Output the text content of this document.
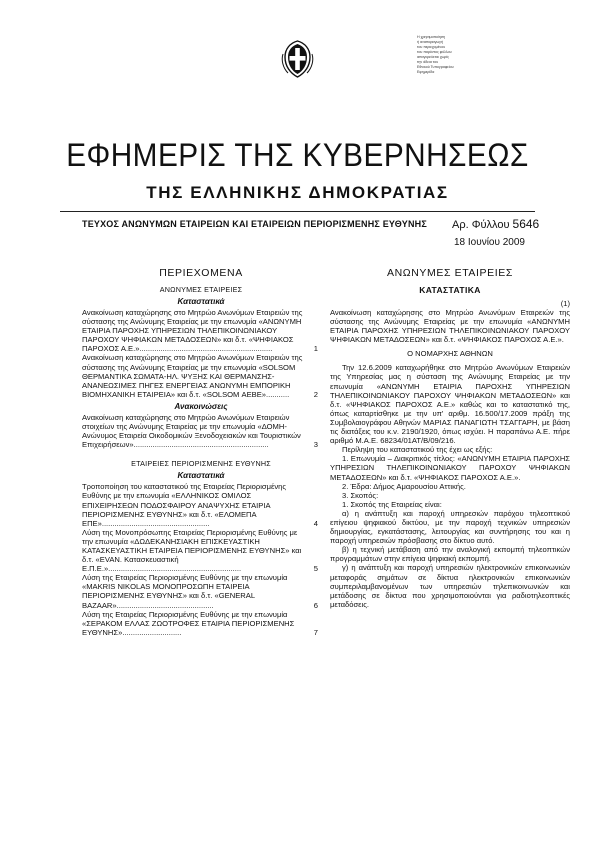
Η χρησιμοποίηση
ή αναπαραγωγή
του περιεχομένου
του παρόντος φύλλου
απαγορεύεται χωρίς
την άδεια του
Εθνικού Τυπογραφείου
Εφημερίδα
ΕΦΗΜΕΡΙΣ ΤΗΣ ΚΥΒΕΡΝΗΣΕΩΣ
ΤΗΣ ΕΛΛΗΝΙΚΗΣ ΔΗΜΟΚΡΑΤΙΑΣ
ΤΕΥΧΟΣ ΑΝΩΝΥΜΩΝ ΕΤΑΙΡΕΙΩΝ ΚΑΙ ΕΤΑΙΡΕΙΩΝ ΠΕΡΙΟΡΙΣΜΕΝΗΣ ΕΥΘΥΝΗΣ Αρ. Φύλλου 5646
18 Ιουνίου 2009
ΠΕΡΙΕΧΟΜΕΝΑ
ΑΝΩΝΥΜΕΣ ΕΤΑΙΡΕΙΕΣ
Καταστατικά
Ανακοίνωση καταχώρησης στο Μητρώο Ανωνύμων Εταιρειών της σύστασης της Ανώνυμης Εταιρείας με την επωνυμία «ΑΝΩΝΥΜΗ ΕΤΑΙΡΙΑ ΠΑΡΟΧΗΣ ΥΠΗΡΕΣΙΩΝ ΤΗΛΕΠΙΚΟΙΝΩΝΙΑΚΟΥ ΠΑΡΟΧΟΥ ΨΗΦΙΑΚΩΝ ΜΕΤΑΔΟΣΕΩΝ» και δ.τ. «ΨΗΦΙΑΚΟΣ ΠΑΡΟΧΟΣ Α.Ε.»...............................................................	1
Ανακοίνωση καταχώρησης στο Μητρώο Ανωνύμων Εταιρειών της σύστασης της Ανώνυμης Εταιρείας με την επωνυμία «SOLSOM ΘΕΡΜΑΝΤΙΚΑ ΣΩΜΑΤΑ-ΗΛ. ΨΥΞΗΣ ΚΑΙ ΘΕΡΜΑΝΣΗΣ-ΑΝΑΝΕΩΣΙΜΕΣ ΠΗΓΕΣ ΕΝΕΡΓΕΙΑΣ ΑΝΩΝΥΜΗ ΕΜΠΟΡΙΚΗ ΒΙΟΜΗΧΑΝΙΚΗ ΕΤΑΙΡΕΙΑ» και δ.τ. «SOLSOM ΑΕΒΕ»...........	2
Ανακοινώσεις
Ανακοίνωση καταχώρησης στο Μητρώο Ανωνύμων Εταιρειών στοιχείων της Ανώνυμης Εταιρείας με την επωνυμία «ΔΟΜΗ-Ανώνυμος Εταιρεία Οικοδομικών Ξενοδοχειακών και Τουριστικών Επιχειρήσεων»................................................................	3
ΕΤΑΙΡΕΙΕΣ ΠΕΡΙΟΡΙΣΜΕΝΗΣ ΕΥΘΥΝΗΣ
Καταστατικά
Τροποποίηση του καταστατικού της Εταιρείας Περιορισμένης Ευθύνης με την επωνυμία «ΕΛΛΗΝΙΚΟΣ ΟΜΙΛΟΣ ΕΠΙΧΕΙΡΗΣΕΩΝ ΠΟΔΟΣΦΑΙΡΟΥ ΑΝΑΨΥΧΗΣ ΕΤΑΙΡΙΑ ΠΕΡΙΟΡΙΣΜΕΝΗΣ ΕΥΘΥΝΗΣ» και δ.τ. «ΕΛΟΜΕΠΑ ΕΠΕ»...................................................	4
Λύση της Μονοπρόσωπης Εταιρείας Περιορισμένης Ευθύνης με την επωνυμία «ΔΩΔΕΚΑΝΗΣΙΑΚΗ ΕΠΙΣΚΕΥΑΣΤΙΚΗ ΚΑΤΑΣΚΕΥΑΣΤΙΚΗ ΕΤΑΙΡΕΙΑ ΠΕΡΙΟΡΙΣΜΕΝΗΣ ΕΥΘΥΝΗΣ» και δ.τ. «EVAN. Κατασκευαστική Ε.Π.Ε.»...............................................................	5
Λύση της Εταιρείας Περιορισμένης Ευθύνης με την επωνυμία «MAKRIS NIKOLAS ΜΟΝΟΠΡΟΣΩΠΗ ΕΤΑΙΡΕΙΑ ΠΕΡΙΟΡΙΣΜΕΝΗΣ ΕΥΘΥΝΗΣ» και δ.τ. «GENERAL BAZAAR»..............................................	6
Λύση της Εταιρείας Περιορισμένης Ευθύνης με την επωνυμία «ΣΕΡΑΚΟΜ ΕΛΛΑΣ ΖΩΟΤΡΟΦΕΣ ΕΤΑΙΡΙΑ ΠΕΡΙΟΡΙΣΜΕΝΗΣ ΕΥΘΥΝΗΣ»............................	7
ΑΝΩΝΥΜΕΣ ΕΤΑΙΡΕΙΕΣ
ΚΑΤΑΣΤΑΤΙΚΑ

(1)

Ανακοίνωση καταχώρησης στο Μητρώο Ανωνύμων Εταιρειών της σύστασης της Ανώνυμης Εταιρείας με την επωνυμία «ΑΝΩΝΥΜΗ ΕΤΑΙΡΙΑ ΠΑΡΟΧΗΣ ΥΠΗΡΕΣΙΩΝ ΤΗΛΕΠΙΚΟΙΝΩΝΙΑΚΟΥ ΠΑΡΟΧΟΥ ΨΗΦΙΑΚΩΝ ΜΕΤΑΔΟΣΕΩΝ» και δ.τ. «ΨΗΦΙΑΚΟΣ ΠΑΡΟΧΟΣ Α.Ε.».

Ο ΝΟΜΑΡΧΗΣ ΑΘΗΝΩΝ

Την 12.6.2009 καταχωρήθηκε στο Μητρώο Ανωνύμων Εταιρειών της Υπηρεσίας μας η σύσταση της Ανώνυμης Εταιρείας με την επωνυμία «ΑΝΩΝΥΜΗ ΕΤΑΙΡΙΑ ΠΑΡΟΧΗΣ ΥΠΗΡΕΣΙΩΝ ΤΗΛΕΠΙΚΟΙΝΩΝΙΑΚΟΥ ΠΑΡΟΧΟΥ ΨΗΦΙΑΚΩΝ ΜΕΤΑΔΟΣΕΩΝ» και δ.τ. «ΨΗΦΙΑΚΟΣ ΠΑΡΟΧΟΣ Α.Ε.» καθώς και το καταστατικό της, όπως καταρτίσθηκε με την υπ' αριθμ. 16.500/17.2009 πράξη της Συμβολαιογράφου Αθηνών ΜΑΡΙΑΣ ΠΑΝΑΓΙΩΤΗ ΤΣΑΓΓΑΡΗ, με βάση τις διατάξεις του κ.ν. 2190/1920, όπως ισχύει. Η παραπάνω Α.Ε. πήρε αριθμό Μ.Α.Ε. 68234/01ΑΤ/Β/09/216.

Περίληψη του καταστατικού της έχει ως εξής:

1. Επωνυμία – Διακριτικός τίτλος: «ΑΝΩΝΥΜΗ ΕΤΑΙΡΙΑ ΠΑΡΟΧΗΣ ΥΠΗΡΕΣΙΩΝ ΤΗΛΕΠΙΚΟΙΝΩΝΙΑΚΟΥ ΠΑΡΟΧΟΥ ΨΗΦΙΑΚΩΝ ΜΕΤΑΔΟΣΕΩΝ» και δ.τ. «ΨΗΦΙΑΚΟΣ ΠΑΡΟΧΟΣ Α.Ε.».

2. Έδρα: Δήμος Αμαρουσίου Αττικής.

3. Σκοπός:

1. Σκοπός της Εταιρείας είναι:

α) η ανάπτυξη και παροχή υπηρεσιών παρόχου τηλεοπτικού επίγειου ψηφιακού δικτύου, με την παροχή τεχνικών υπηρεσιών δημιουργίας, εγκατάστασης, λειτουργίας και συντήρησης του και η παροχή υπηρεσιών πρόσβασης στο δίκτυο αυτό.

β) η τεχνική μετάβαση από την αναλογική εκπομπή τηλεοπτικών προγραμμάτων στην επίγεια ψηφιακή εκπομπή.

γ) η ανάπτυξη και παροχή υπηρεσιών ηλεκτρονικών επικοινωνιών μεταφοράς σημάτων σε δίκτυα ηλεκτρονικών επικοινωνιών συμπεριλαμβανομένων των υπηρεσιών τηλεπικοινωνιών και μετάδοσης σε δίκτυα που χρησιμοποιούνται για ραδιοτηλεοπτικές μεταδόσεις.
